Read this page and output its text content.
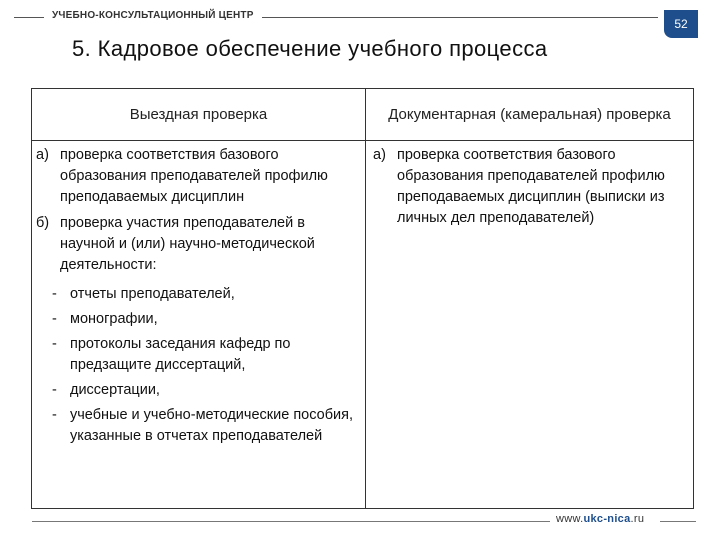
УЧЕБНО-КОНСУЛЬТАЦИОННЫЙ ЦЕНТР
52
5. Кадровое обеспечение учебного процесса
Выездная проверка	Документарная (камеральная) проверка
а) проверка соответствия базового образования преподавателей профилю преподаваемых дисциплин
б) проверка участия преподавателей в научной и (или) научно-методической деятельности:
- отчеты преподавателей,
- монографии,
- протоколы заседания кафедр по предзащите диссертаций,
- диссертации,
- учебные и учебно-методические пособия, указанные в отчетах преподавателей
а) проверка соответствия базового образования преподавателей профилю преподаваемых дисциплин (выписки из личных дел преподавателей)
www.ukc-nica.ru
